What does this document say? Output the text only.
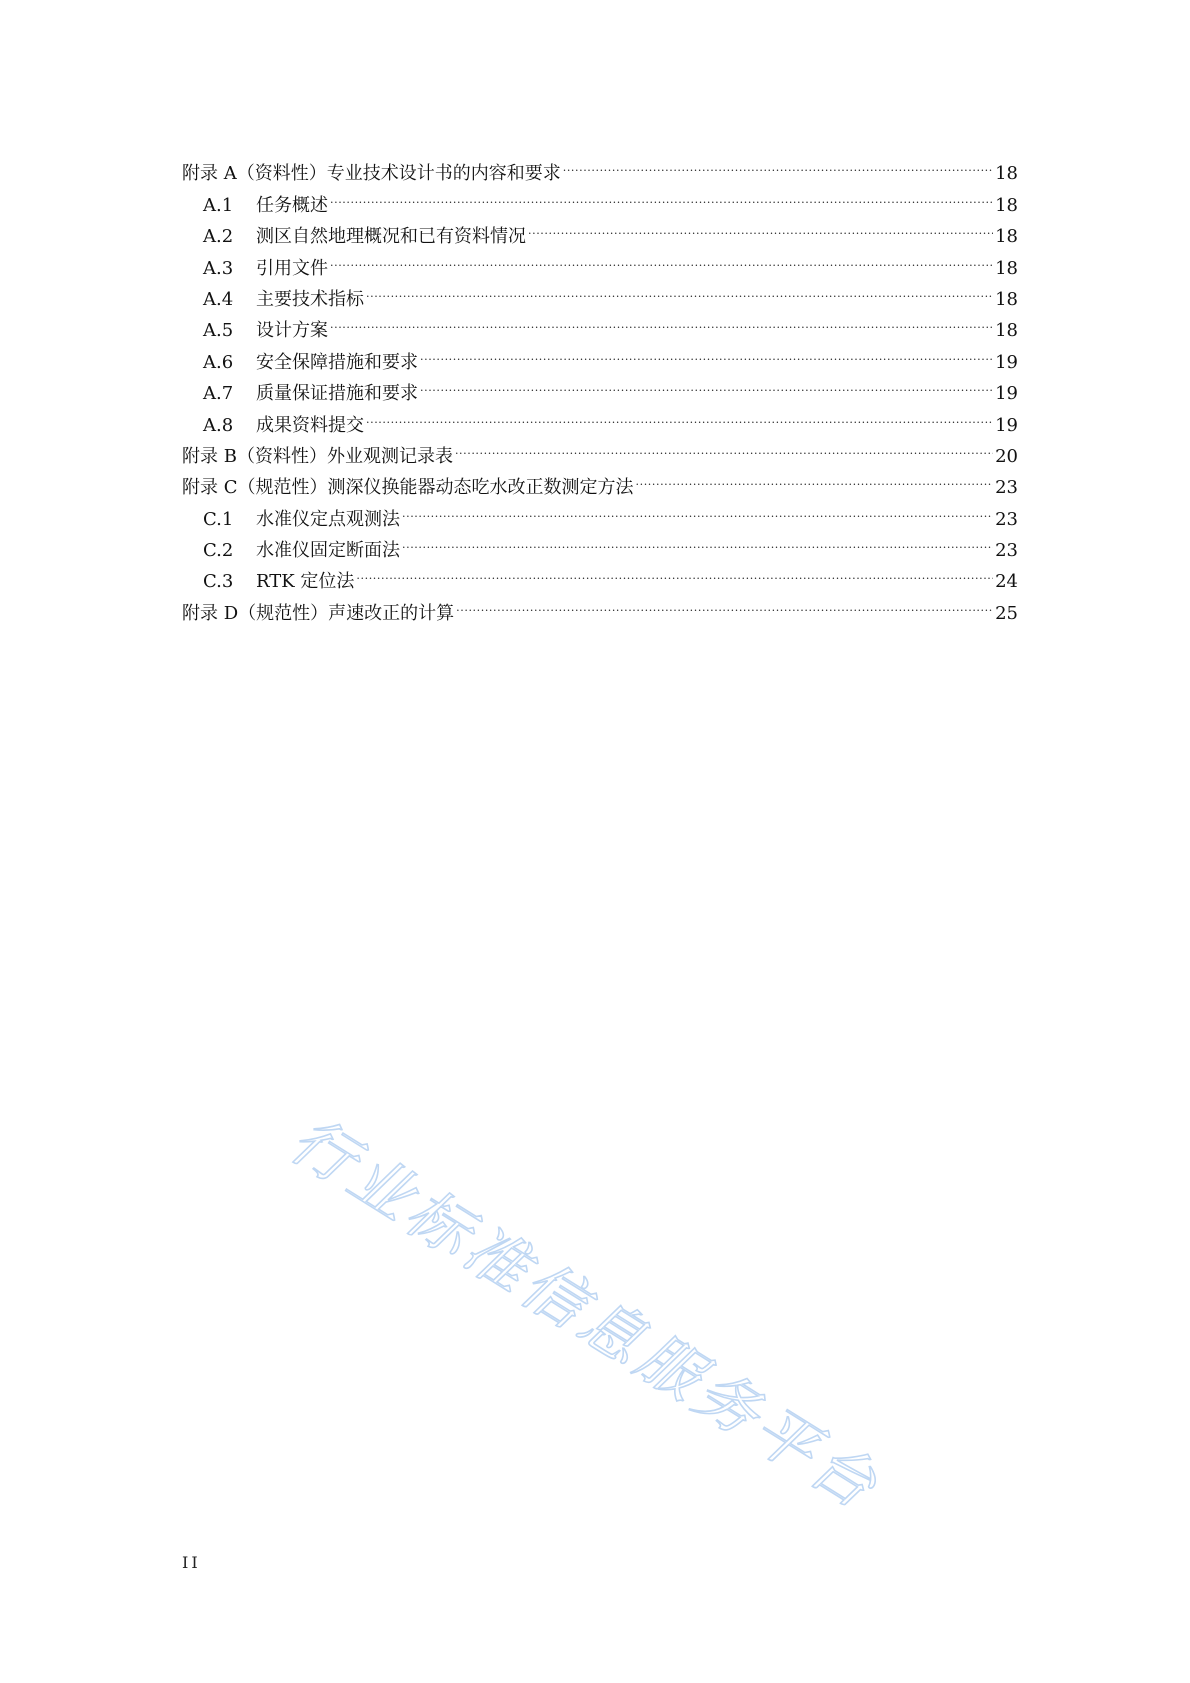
附录 A（资料性）专业技术设计书的内容和要求 .....	18
A.1	任务概述 .....	18
A.2	测区自然地理概况和已有资料情况 .....	18
A.3	引用文件 .....	18
A.4	主要技术指标 .....	18
A.5	设计方案 .....	18
A.6	安全保障措施和要求 .....	19
A.7	质量保证措施和要求 .....	19
A.8	成果资料提交 .....	19
附录 B（资料性）外业观测记录表 .....	20
附录 C（规范性）测深仪换能器动态吃水改正数测定方法 .....	23
C.1	水准仪定点观测法 .....	23
C.2	水准仪固定断面法 .....	23
C.3	RTK 定位法 .....	24
附录 D（规范性）声速改正的计算 .....	25
行业标准信息服务平台
II
